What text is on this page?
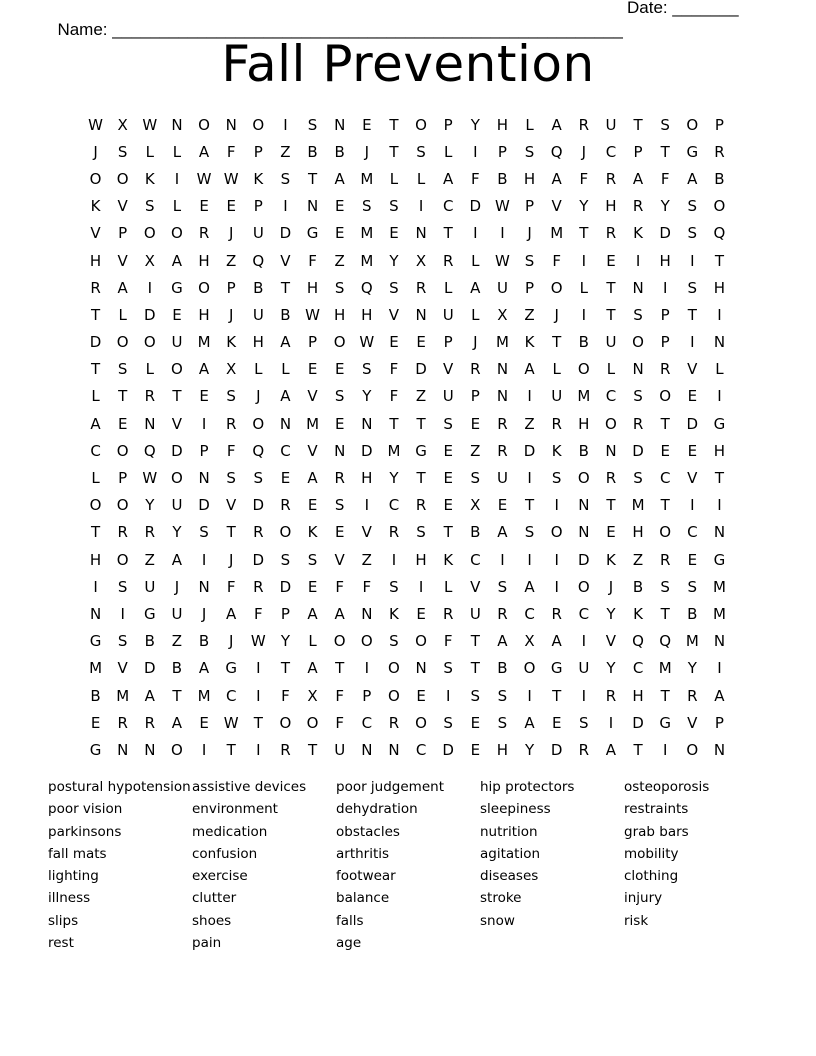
Name: ______________________________________________________

Date: _______

Fall Prevention
W X W N	O	N	O	I	S	N	E	T	O	P	Y	H	L	A	R	U	T	S	O	P
J	S	L	L	A	F	P	Z	B	B	J	T	S	L	I	P	S	Q	J	C	P	T	G	R
O	O	K	I	W W K	S	T	A	M	L	L	A	F	B	H	A	F	R	A	F	A	B
K	V	S	L	E	E	P	I	N	E	S	S	I	C	D W	P	V	Y	H	R	Y	S	O
V	P	O	O	R	J	U	D	G	E	M	E	N	T	I	I	J	M	T	R	K	D	S	Q
H	V	X	A	H	Z	Q	V	F	Z	M	Y	X	R	L	W S	F	I	E	I	H	I	T
R	A	I	G	O	P	B	T	H	S	Q	S	R	L	A	U	P	O	L	T	N	I	S	H
T	L	D	E	H	J	U	B W H	H	V	N	U	L	X	Z	J	I	T	S	P	T	I
D	O	O	U	M	K	H	A	P	O W E	E	P	J	M	K	T	B	U	O	P	I	N
T	S	L	O	A	X	L	L	E	E	S	F	D	V	R	N	A	L	O	L	N	R	V	L
L	T	R	T	E	S	J	A	V	S	Y	F	Z	U	P	N	I	U	M	C	S	O	E	I
A	E	N	V	I	R	O	N	M	E	N	T	T	S	E	R	Z	R	H	O	R	T	D	G
C	O	Q	D	P	F	Q	C	V	N	D M G	E	Z	R	D	K	B	N	D	E	E	H
L	P	W O	N	S	S	E	A	R	H	Y	T	E	S	U	I	S	O	R	S	C	V	T
O	O	Y	U	D	V	D	R	E	S	I	C	R	E	X	E	T	I	N	T	M	T	I	I
T	R	R	Y	S	T	R	O	K	E	V	R	S	T	B	A	S	O	N	E	H	O	C	N
H	O	Z	A	I	J	D	S	S	V	Z	I	H	K	C	I	I	I	D	K	Z	R	E	G
I	S	U	J	N	F	R	D	E	F	F	S	I	L	V	S	A	I	O	J	B	S	S	M
N	I	G	U	J	A	F	P	A	A	N	K	E	R	U	R	C	R	C	Y	K	T	B	M
G	S	B	Z	B	J	W	Y	L	O	O	S	O	F	T	A	X	A	I	V	Q	Q M	N
M	V	D	B	A	G	I	T	A	T	I	O	N	S	T	B	O	G	U	Y	C	M	Y	I
B	M	A	T	M	C	I	F	X	F	P	O	E	I	S	S	I	T	I	R	H	T	R	A
E	R	R	A	E W	T	O	O	F	C	R	O	S	E	S	A	E	S	I	D	G	V	P
G	N	N	O	I	T	I	R	T	U	N	N	C	D	E	H	Y	D	R	A	T	I	O	N
postural hypotension
poor vision
parkinsons
fall mats
lighting
illness
slips
rest
assistive devices
environment
medication
confusion
exercise
clutter
shoes
pain
poor judgement
dehydration
obstacles
arthritis
footwear
balance
falls
age
hip protectors
sleepiness
nutrition
agitation
diseases
stroke
snow
osteoporosis
restraints
grab bars
mobility
clothing
injury
risk
